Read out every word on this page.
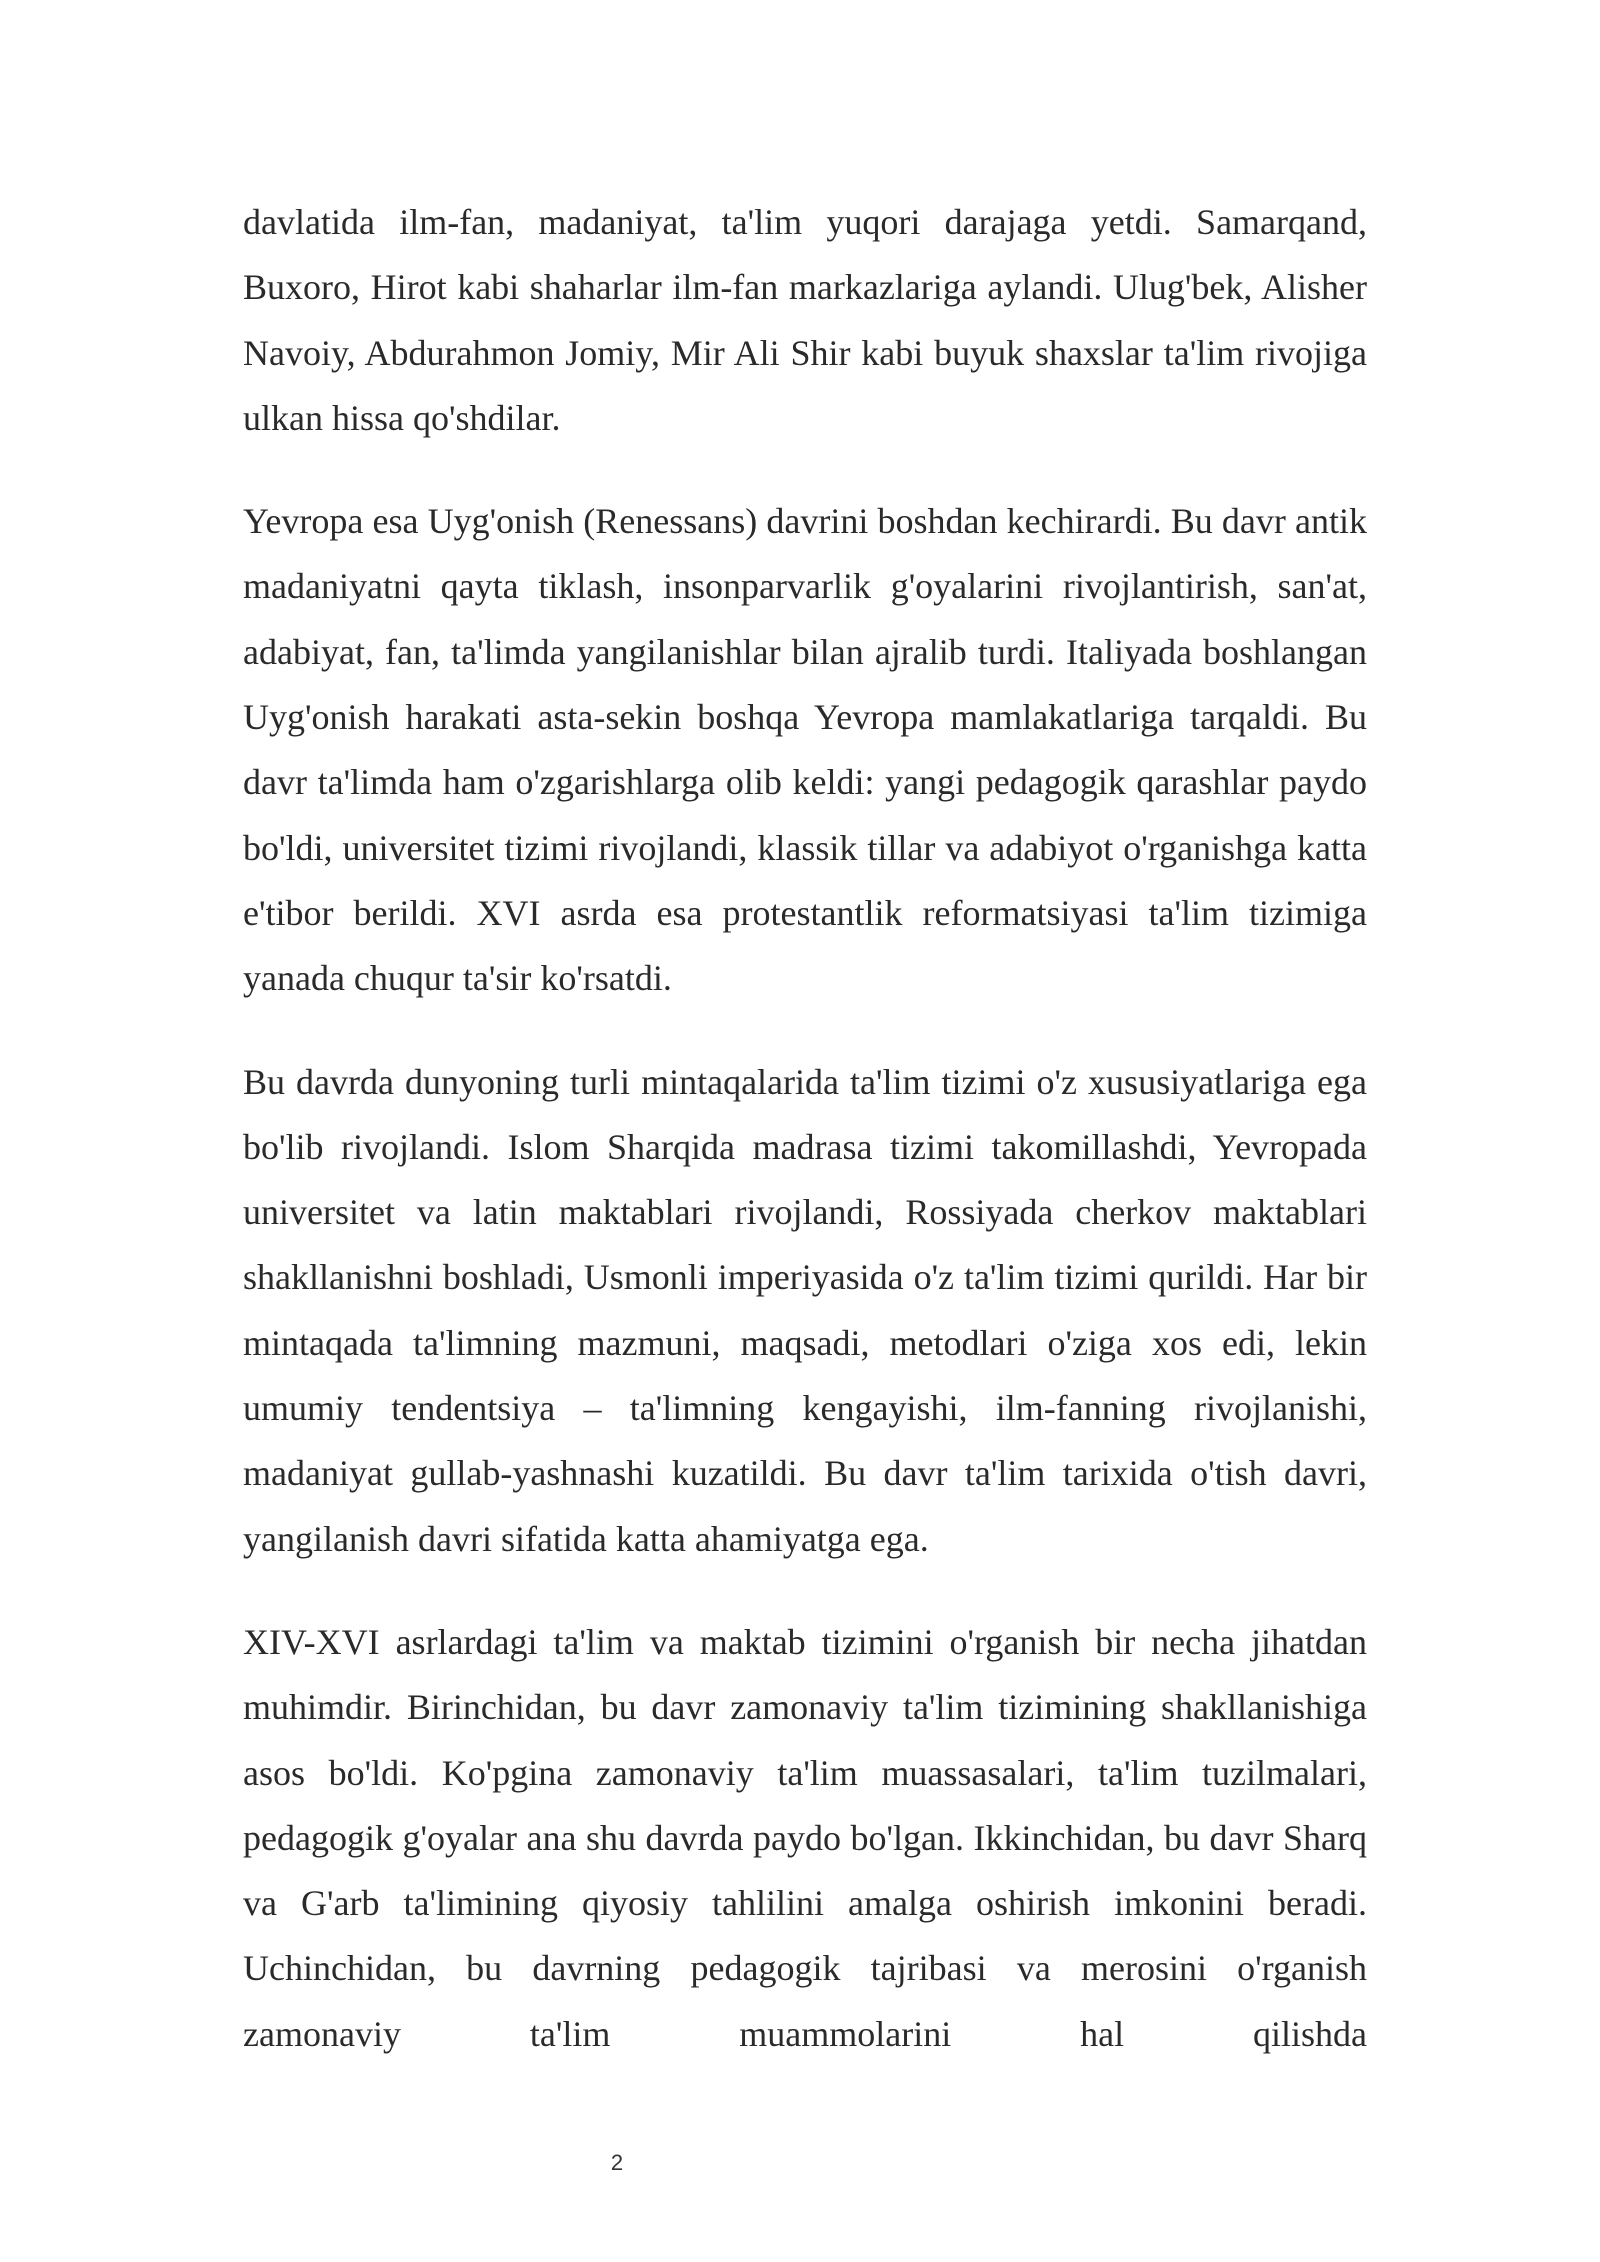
davlatida ilm-fan, madaniyat, ta'lim yuqori darajaga yetdi. Samarqand, Buxoro, Hirot kabi shaharlar ilm-fan markazlariga aylandi. Ulug'bek, Alisher Navoiy, Abdurahmon Jomiy, Mir Ali Shir kabi buyuk shaxslar ta'lim rivojiga ulkan hissa qo'shdilar.

Yevropa esa Uyg'onish (Renessans) davrini boshdan kechirardi. Bu davr antik madaniyatni qayta tiklash, insonparvarlik g'oyalarini rivojlantirish, san'at, adabiyat, fan, ta'limda yangilanishlar bilan ajralib turdi. Italiyada boshlangan Uyg'onish harakati asta-sekin boshqa Yevropa mamlakatlariga tarqaldi. Bu davr ta'limda ham o'zgarishlarga olib keldi: yangi pedagogik qarashlar paydo bo'ldi, universitet tizimi rivojlandi, klassik tillar va adabiyot o'rganishga katta e'tibor berildi. XVI asrda esa protestantlik reformatsiyasi ta'lim tizimiga yanada chuqur ta'sir ko'rsatdi.

Bu davrda dunyoning turli mintaqalarida ta'lim tizimi o'z xususiyatlariga ega bo'lib rivojlandi. Islom Sharqida madrasa tizimi takomillashdi, Yevropada universitet va latin maktablari rivojlandi, Rossiyada cherkov maktablari shakllanishni boshladi, Usmonli imperiyasida o'z ta'lim tizimi qurildi. Har bir mintaqada ta'limning mazmuni, maqsadi, metodlari o'ziga xos edi, lekin umumiy tendentsiya – ta'limning kengayishi, ilm-fanning rivojlanishi, madaniyat gullab-yashnashi kuzatildi. Bu davr ta'lim tarixida o'tish davri, yangilanish davri sifatida katta ahamiyatga ega.

XIV-XVI asrlardagi ta'lim va maktab tizimini o'rganish bir necha jihatdan muhimdir. Birinchidan, bu davr zamonaviy ta'lim tizimining shakllanishiga asos bo'ldi. Ko'pgina zamonaviy ta'lim muassasalari, ta'lim tuzilmalari, pedagogik g'oyalar ana shu davrda paydo bo'lgan. Ikkinchidan, bu davr Sharq va G'arb ta'limining qiyosiy tahlilini amalga oshirish imkonini beradi. Uchinchidan, bu davrning pedagogik tajribasi va merosini o'rganish zamonaviy ta'lim muammolarini hal qilishda

2
